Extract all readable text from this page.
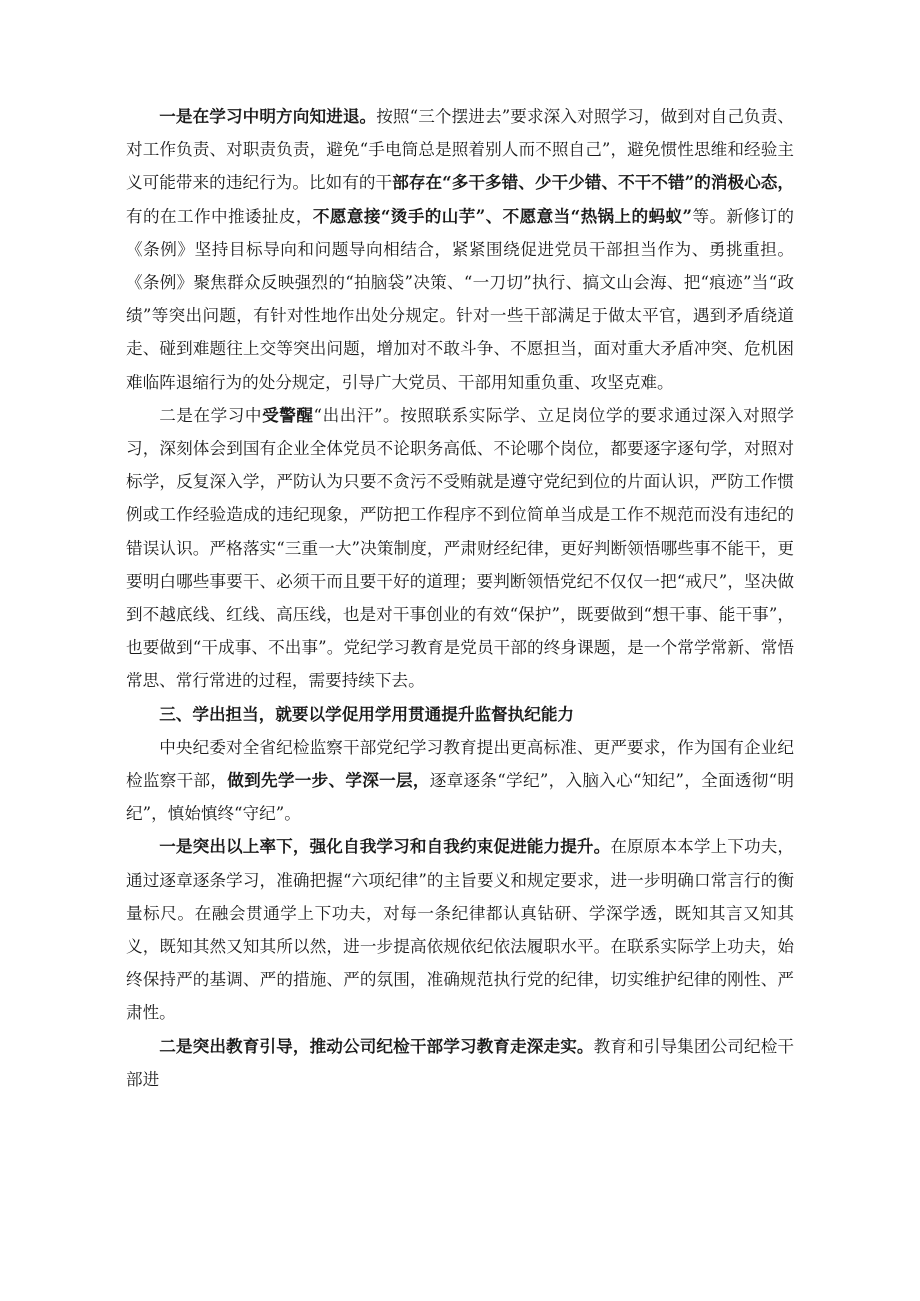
一是在学习中明方向知进退。按照“三个摆进去”要求深入对照学习，做到对自己负责、对工作负责、对职责负责，避免“手电筒总是照着别人而不照自己”，避免惯性思维和经验主义可能带来的违纪行为。比如有的干部存在“多干多错、少干少错、不干不错”的消极心态，有的在工作中推诿扯皮，不愿意接“烫手的山芋”、不愿意当“热锅上的蚂蚁”等。新修订的《条例》坚持目标导向和问题导向相结合，紧紧围绕促进党员干部担当作为、勇挑重担。《条例》聚焦群众反映强烈的“拍脑袋”决策、“一刀切”执行、搞文山会海、把“痕迹”当“政绩”等突出问题，有针对性地作出处分规定。针对一些干部满足于做太平官，遇到矛盾绕道走、碰到难题往上交等突出问题，增加对不敢斗争、不愿担当，面对重大矛盾冲突、危机困难临阵退缩行为的处分规定，引导广大党员、干部用知重负重、攻坚克难。

二是在学习中受警醒“出出汗”。按照联系实际学、立足岗位学的要求通过深入对照学习，深刻体会到国有企业全体党员不论职务高低、不论哪个岗位，都要逐字逐句学，对照对标学，反复深入学，严防认为只要不贪污不受贿就是遵守党纪到位的片面认识，严防工作惯例或工作经验造成的违纪现象，严防把工作程序不到位简单当成是工作不规范而没有违纪的错误认识。严格落实“三重一大”决策制度，严肃财经纪律，更好判断领悟哪些事不能干，更要明白哪些事要干、必须干而且要干好的道理；要判断领悟党纪不仅仅一把“戒尺”，坚决做到不越底线、红线、高压线，也是对干事创业的有效“保护”，既要做到“想干事、能干事”，也要做到“干成事、不出事”。党纪学习教育是党员干部的终身课题，是一个常学常新、常悟常思、常行常进的过程，需要持续下去。

三、学出担当，就要以学促用学用贯通提升监督执纪能力

中央纪委对全省纪检监察干部党纪学习教育提出更高标准、更严要求，作为国有企业纪检监察干部，做到先学一步、学深一层，逐章逐条“学纪”，入脑入心“知纪”，全面透彻“明纪”，慎始慎终“守纪”。

一是突出以上率下，强化自我学习和自我约束促进能力提升。在原原本本学上下功夫，通过逐章逐条学习，准确把握“六项纪律”的主旨要义和规定要求，进一步明确口常言行的衡量标尺。在融会贯通学上下功夫，对每一条纪律都认真钻研、学深学透，既知其言又知其义，既知其然又知其所以然，进一步提高依规依纪依法履职水平。在联系实际学上功夫，始终保持严的基调、严的措施、严的氛围，准确规范执行党的纪律，切实维护纪律的刚性、严肃性。

二是突出教育引导，推动公司纪检干部学习教育走深走实。教育和引导集团公司纪检干部进
